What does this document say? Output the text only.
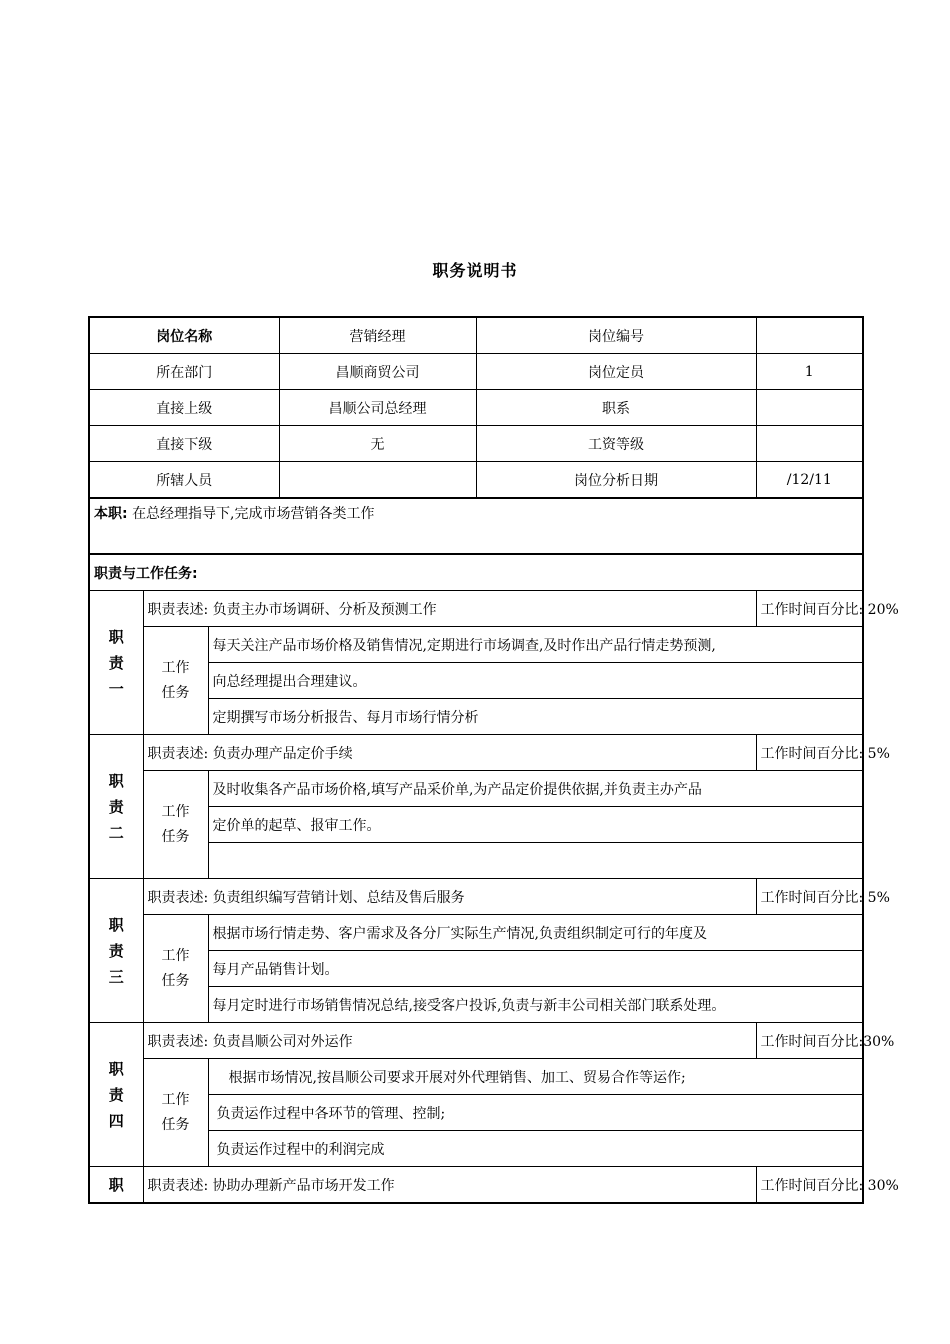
职务说明书
岗位名称			营销经理	岗位编号	
所在部门			昌顺商贸公司	岗位定员	1
直接上级			昌顺公司总经理	职系	
直接下级			无	工资等级	
所辖人员				岗位分析日期	/12/11
本职: 在总经理指导下,完成市场营销各类工作					
职责与工作任务:					

职
责
一	职责表述: 负责主办市场调研、分析及预测工作				工作时间百分比: 20%

	工作
任务	每天关注产品市场价格及销售情况,定期进行市场调查,及时作出产品行情走势预测,			
		向总经理提出合理建议。			
		定期撰写市场分析报告、每月市场行情分析			

职
责
二	职责表述: 负责办理产品定价手续				工作时间百分比: 5%

	工作
任务	及时收集各产品市场价格,填写产品采价单,为产品定价提供依据,并负责主办产品			
		定价单的起草、报审工作。			

职
责
三	职责表述: 负责组织编写营销计划、总结及售后服务				工作时间百分比: 5%

	工作
任务	根据市场行情走势、客户需求及各分厂实际生产情况,负责组织制定可行的年度及			
		每月产品销售计划。			
		每月定时进行市场销售情况总结,接受客户投诉,负责与新丰公司相关部门联系处理。			

职
责
四	职责表述: 负责昌顺公司对外运作				工作时间百分比:30%

	工作
任务	根据市场情况,按昌顺公司要求开展对外代理销售、加工、贸易合作等运作;			
		负责运作过程中各环节的管理、控制;			
		负责运作过程中的利润完成			

职	职责表述: 协助办理新产品市场开发工作				工作时间百分比: 30%
